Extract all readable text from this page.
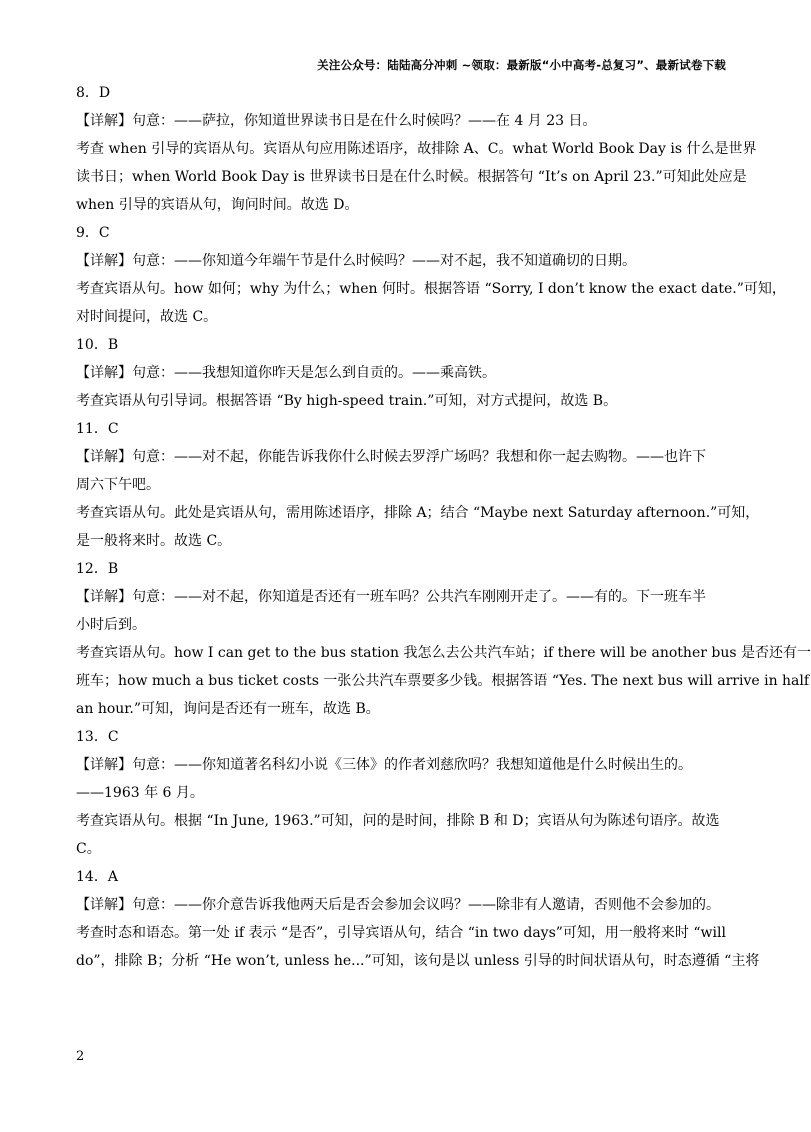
关注公众号：陆陆高分冲刺 ~领取：最新版“小中高考-总复习”、最新试卷下载
8．D
【详解】句意：——萨拉，你知道世界读书日是在什么时候吗？——在 4 月 23 日。
考查 when 引导的宾语从句。宾语从句应用陈述语序，故排除 A、C。what World Book Day is 什么是世界
读书日；when World Book Day is 世界读书日是在什么时候。根据答句 “It’s on April 23.”可知此处应是
when 引导的宾语从句，询问时间。故选 D。
9．C
【详解】句意：——你知道今年端午节是什么时候吗？——对不起，我不知道确切的日期。
考查宾语从句。how 如何；why 为什么；when 何时。根据答语 “Sorry, I don’t know the exact date.”可知，
对时间提问，故选 C。
10．B
【详解】句意：——我想知道你昨天是怎么到自贡的。——乘高铁。
考查宾语从句引导词。根据答语 “By high-speed train.”可知，对方式提问，故选 B。
11．C
【详解】句意：——对不起，你能告诉我你什么时候去罗浮广场吗？我想和你一起去购物。——也许下
周六下午吧。
考查宾语从句。此处是宾语从句，需用陈述语序，排除 A；结合 “Maybe next Saturday afternoon.”可知，
是一般将来时。故选 C。
12．B
【详解】句意：——对不起，你知道是否还有一班车吗？公共汽车刚刚开走了。——有的。下一班车半
小时后到。
考查宾语从句。how I can get to the bus station 我怎么去公共汽车站；if there will be another bus 是否还有一
班车；how much a bus ticket costs 一张公共汽车票要多少钱。根据答语 “Yes. The next bus will arrive in half
an hour.”可知，询问是否还有一班车，故选 B。
13．C
【详解】句意：——你知道著名科幻小说《三体》的作者刘慈欣吗？我想知道他是什么时候出生的。
——1963 年 6 月。
考查宾语从句。根据 “In June, 1963.”可知，问的是时间，排除 B 和 D；宾语从句为陈述句语序。故选
C。
14．A
【详解】句意：——你介意告诉我他两天后是否会参加会议吗？——除非有人邀请，否则他不会参加的。
考查时态和语态。第一处 if 表示 “是否”，引导宾语从句，结合 “in two days”可知，用一般将来时 “will
do”，排除 B；分析 “He won’t, unless he...”可知，该句是以 unless 引导的时间状语从句，时态遵循 “主将
2
